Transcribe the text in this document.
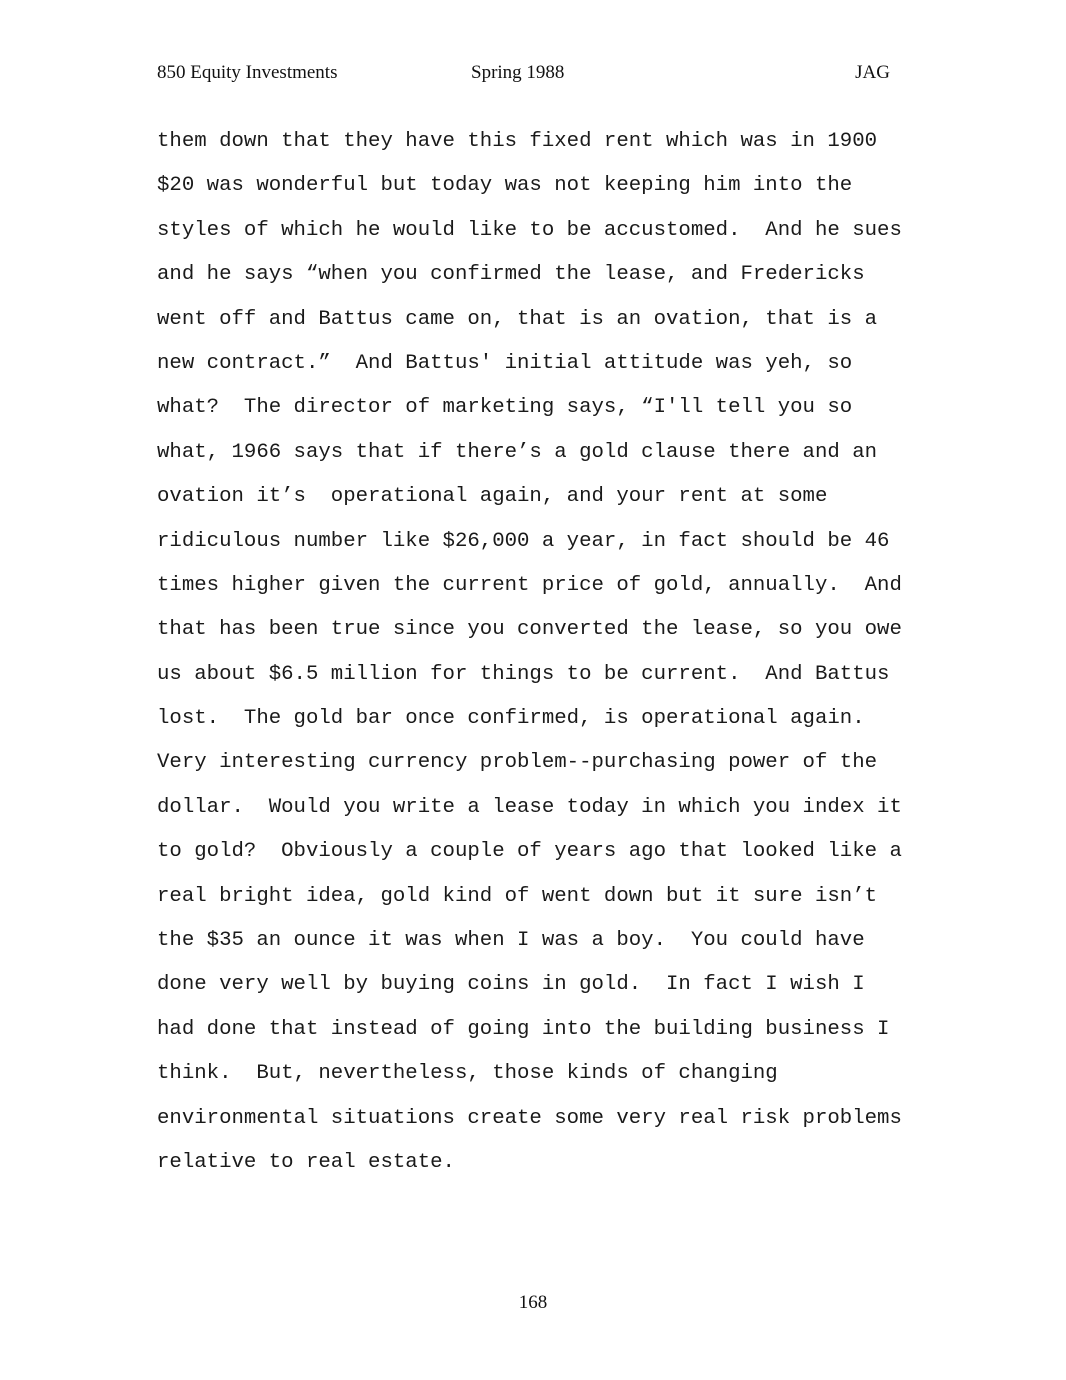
850 Equity Investments	Spring 1988	JAG
them down that they have this fixed rent which was in 1900
$20 was wonderful but today was not keeping him into the
styles of which he would like to be accustomed.  And he sues
and he says “when you confirmed the lease, and Fredericks
went off and Battus came on, that is an ovation, that is a
new contract.”  And Battus' initial attitude was yeh, so
what?  The director of marketing says, “I'll tell you so
what, 1966 says that if there’s a gold clause there and an
ovation it’s  operational again, and your rent at some
ridiculous number like $26,000 a year, in fact should be 46
times higher given the current price of gold, annually.  And
that has been true since you converted the lease, so you owe
us about $6.5 million for things to be current.  And Battus
lost.  The gold bar once confirmed, is operational again.
Very interesting currency problem--purchasing power of the
dollar.  Would you write a lease today in which you index it
to gold?  Obviously a couple of years ago that looked like a
real bright idea, gold kind of went down but it sure isn’t
the $35 an ounce it was when I was a boy.  You could have
done very well by buying coins in gold.  In fact I wish I
had done that instead of going into the building business I
think.  But, nevertheless, those kinds of changing
environmental situations create some very real risk problems
relative to real estate.
168
